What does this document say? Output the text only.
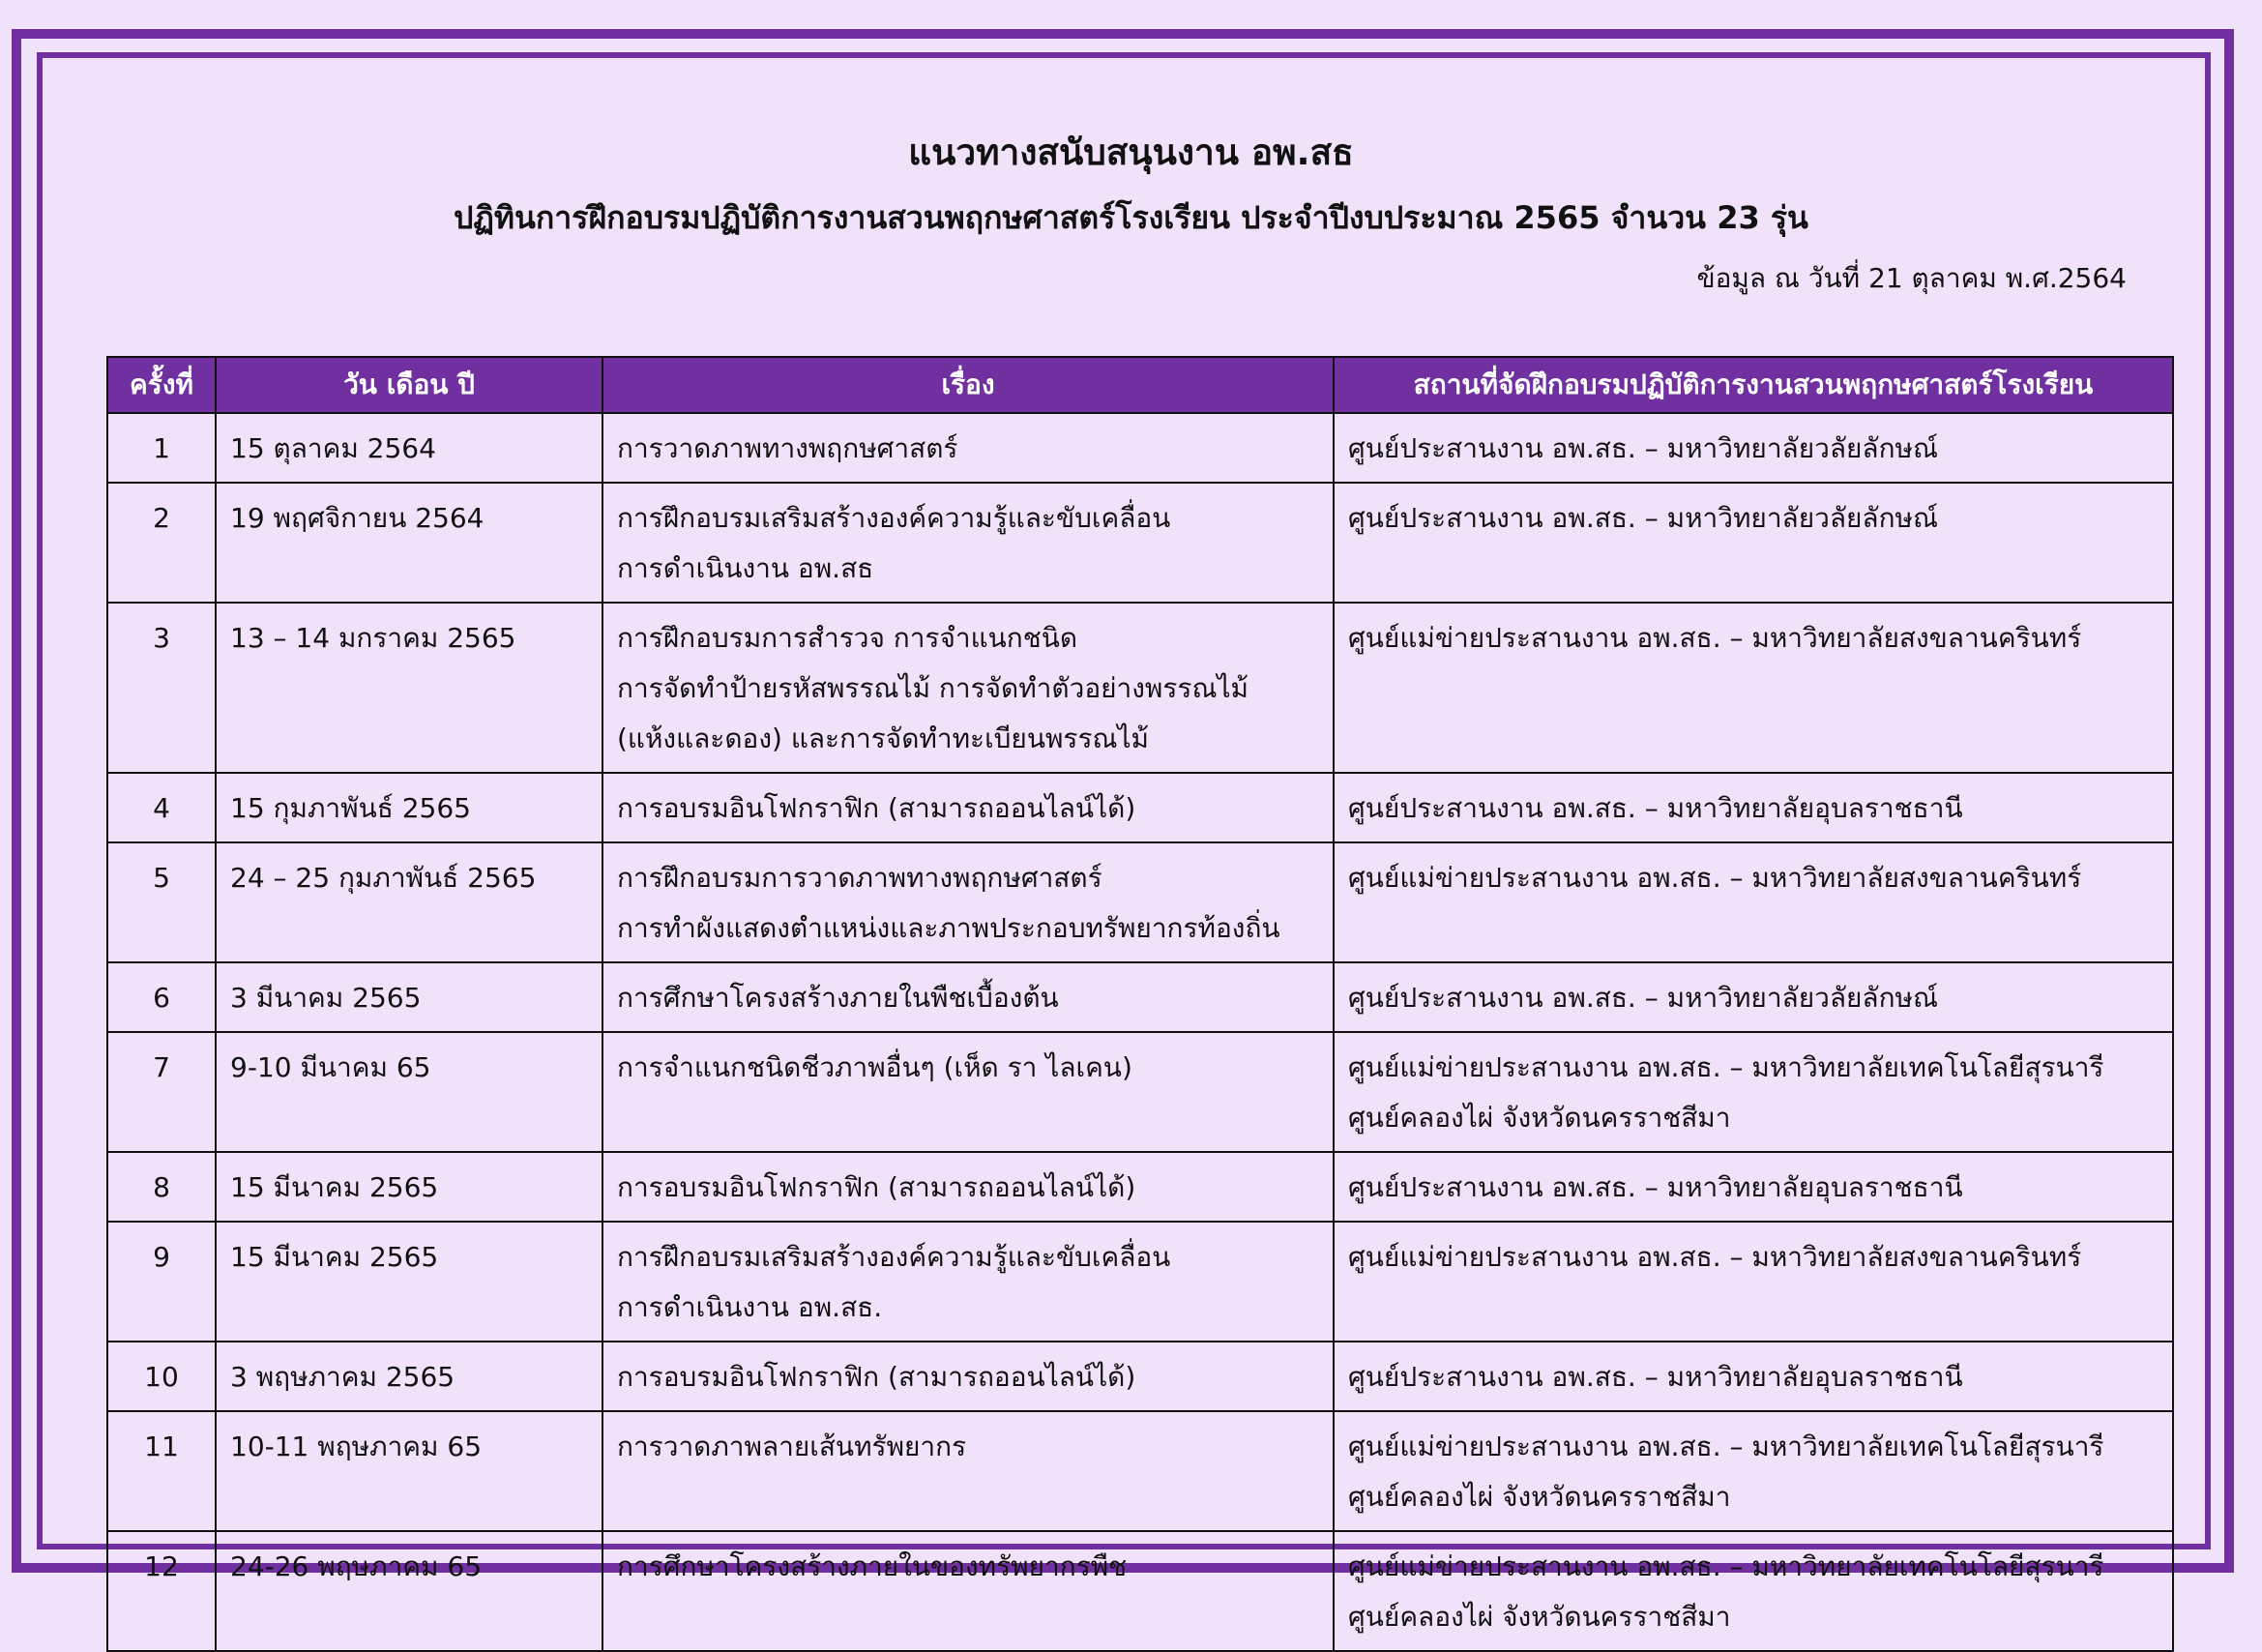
แนวทางสนับสนุนงาน อพ.สธ
ปฏิทินการฝึกอบรมปฏิบัติการงานสวนพฤกษศาสตร์โรงเรียน ประจำปีงบประมาณ 2565 จำนวน 23 รุ่น
ข้อมูล ณ วันที่ 21 ตุลาคม พ.ศ.2564
ครั้งที่	วัน เดือน ปี	เรื่อง	สถานที่จัดฝึกอบรมปฏิบัติการงานสวนพฤกษศาสตร์โรงเรียน
1	15 ตุลาคม 2564	การวาดภาพทางพฤกษศาสตร์	ศูนย์ประสานงาน อพ.สธ. – มหาวิทยาลัยวลัยลักษณ์

2	19 พฤศจิกายน 2564	การฝึกอบรมเสริมสร้างองค์ความรู้และขับเคลื่อน
การดำเนินงาน อพ.สธ	ศูนย์ประสานงาน อพ.สธ. – มหาวิทยาลัยวลัยลักษณ์

3	13 – 14 มกราคม 2565	การฝึกอบรมการสำรวจ การจำแนกชนิด
การจัดทำป้ายรหัสพรรณไม้ การจัดทำตัวอย่างพรรณไม้
(แห้งและดอง) และการจัดทำทะเบียนพรรณไม้	ศูนย์แม่ข่ายประสานงาน อพ.สธ. – มหาวิทยาลัยสงขลานครินทร์

4	15 กุมภาพันธ์ 2565	การอบรมอินโฟกราฟิก (สามารถออนไลน์ได้)	ศูนย์ประสานงาน อพ.สธ. – มหาวิทยาลัยอุบลราชธานี

5	24 – 25 กุมภาพันธ์ 2565	การฝึกอบรมการวาดภาพทางพฤกษศาสตร์
การทำผังแสดงตำแหน่งและภาพประกอบทรัพยากรท้องถิ่น	ศูนย์แม่ข่ายประสานงาน อพ.สธ. – มหาวิทยาลัยสงขลานครินทร์

6	3 มีนาคม 2565	การศึกษาโครงสร้างภายในพืชเบื้องต้น	ศูนย์ประสานงาน อพ.สธ. – มหาวิทยาลัยวลัยลักษณ์

7	9-10 มีนาคม 65	การจำแนกชนิดชีวภาพอื่นๆ (เห็ด รา ไลเคน)	ศูนย์แม่ข่ายประสานงาน อพ.สธ. – มหาวิทยาลัยเทคโนโลยีสุรนารี
ศูนย์คลองไผ่ จังหวัดนครราชสีมา

8	15 มีนาคม 2565	การอบรมอินโฟกราฟิก (สามารถออนไลน์ได้)	ศูนย์ประสานงาน อพ.สธ. – มหาวิทยาลัยอุบลราชธานี

9	15 มีนาคม 2565	การฝึกอบรมเสริมสร้างองค์ความรู้และขับเคลื่อน
การดำเนินงาน อพ.สธ.	ศูนย์แม่ข่ายประสานงาน อพ.สธ. – มหาวิทยาลัยสงขลานครินทร์

10	3 พฤษภาคม 2565	การอบรมอินโฟกราฟิก (สามารถออนไลน์ได้)	ศูนย์ประสานงาน อพ.สธ. – มหาวิทยาลัยอุบลราชธานี

11	10-11 พฤษภาคม 65	การวาดภาพลายเส้นทรัพยากร	ศูนย์แม่ข่ายประสานงาน อพ.สธ. – มหาวิทยาลัยเทคโนโลยีสุรนารี
ศูนย์คลองไผ่ จังหวัดนครราชสีมา

12	24-26 พฤษภาคม 65	การศึกษาโครงสร้างภายในของทรัพยากรพืช	ศูนย์แม่ข่ายประสานงาน อพ.สธ. – มหาวิทยาลัยเทคโนโลยีสุรนารี
ศูนย์คลองไผ่ จังหวัดนครราชสีมา
